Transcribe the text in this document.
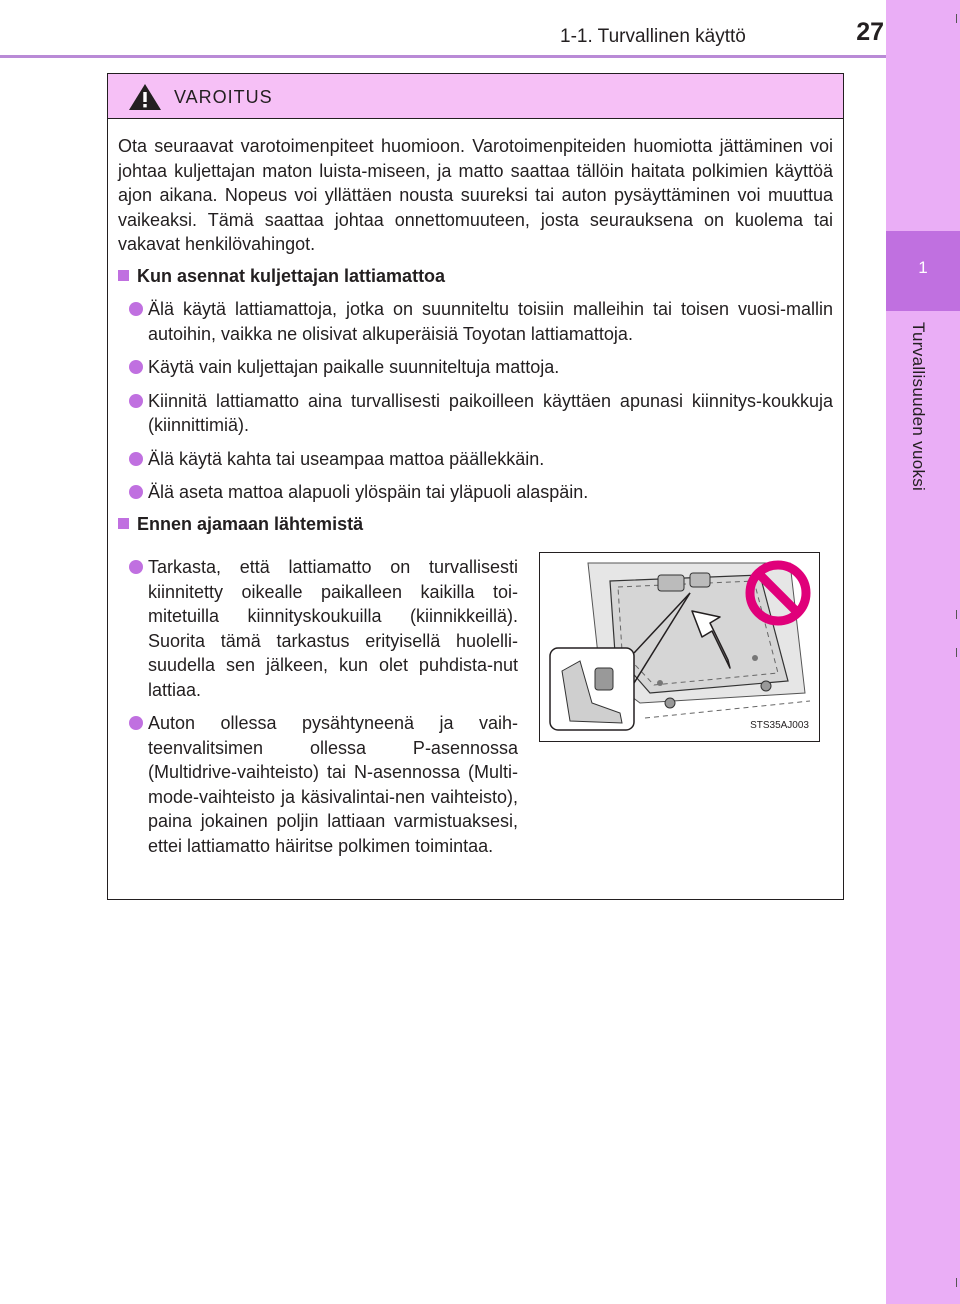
1-1. Turvallinen käyttö	27
1
Turvallisuuden vuoksi
VAROITUS

Ota seuraavat varotoimenpiteet huomioon. Varotoimenpiteiden huomiotta jättäminen voi johtaa kuljettajan maton luista-miseen, ja matto saattaa tällöin haitata polkimien käyttöä ajon aikana. Nopeus voi yllättäen nousta suureksi tai auton pysäyttäminen voi muuttua vaikeaksi. Tämä saattaa johtaa onnettomuuteen, josta seurauksena on kuolema tai vakavat henkilövahingot.

Kun asennat kuljettajan lattiamattoa
Älä käytä lattiamattoja, jotka on suunniteltu toisiin malleihin tai toisen vuosi-mallin autoihin, vaikka ne olisivat alkuperäisiä Toyotan lattiamattoja.
Käytä vain kuljettajan paikalle suunniteltuja mattoja.
Kiinnitä lattiamatto aina turvallisesti paikoilleen käyttäen apunasi kiinnitys-koukkuja (kiinnittimiä).
Älä käytä kahta tai useampaa mattoa päällekkäin.
Älä aseta mattoa alapuoli ylöspäin tai yläpuoli alaspäin.
Ennen ajamaan lähtemistä
Tarkasta, että lattiamatto on turvallisesti kiinnitetty oikealle paikalleen kaikilla toi-mitetuilla kiinnityskoukuilla (kiinnikkeillä). Suorita tämä tarkastus erityisellä huolelli-suudella sen jälkeen, kun olet puhdista-nut lattiaa.
Auton ollessa pysähtyneenä ja vaih-teenvalitsimen ollessa P-asennossa (Multidrive-vaihteisto) tai N-asennossa (Multi-mode-vaihteisto ja käsivalintai-nen vaihteisto), paina jokainen poljin lattiaan varmistuaksesi, ettei lattiamatto häiritse polkimen toimintaa.
STS35AJ003
